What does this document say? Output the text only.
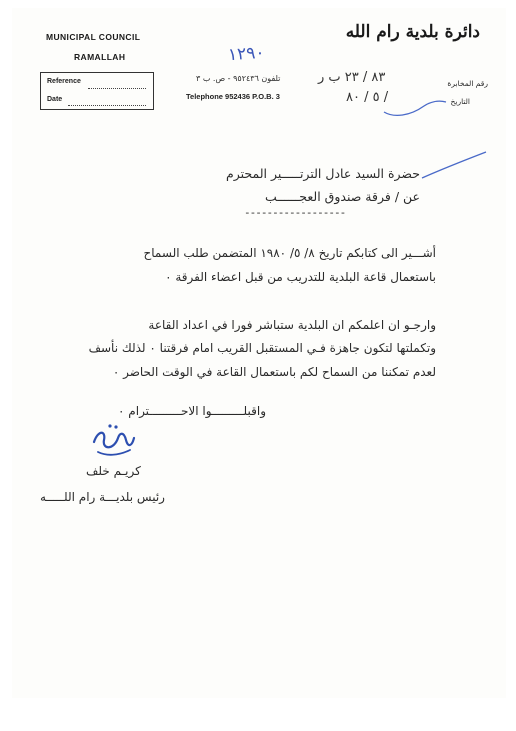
MUNICIPAL COUNCIL
RAMALLAH
Reference
Date
دائرة بلدية رام الله
١٢٩٠
تلفون ٩٥٢٤٣٦ - ص. ب ٣
Telephone 952436 P.O.B. 3
رقم المخابرة
٨٣ / ٢٣ ب ر
التاريخ
/ ٥ / ٨٠
حضرة السيد عادل الترتـــــير المحترم
عن / فرقة صندوق العجــــــب
------------------
أشـــير الى كتابكم تاريخ ٨/ ٥/ ١٩٨٠ المتضمن طلب السماح
باستعمال قاعة البلدية للتدريب من قبل اعضاء الفرقة ٠
وارجـو ان اعلمكم ان البلدية ستباشر فورا في اعداد القاعة
وتكملتها لتكون جاهزة فـي المستقبل القريب امام فرقتنا ٠ لذلك نأسف
لعدم تمكننا من السماح لكم باستعمال القاعة في الوقت الحاضر ٠
واقبلـــــــــوا الاحـــــــــترام ٠
كريـم خلف
رئيس بلديـــة رام اللـــــه
